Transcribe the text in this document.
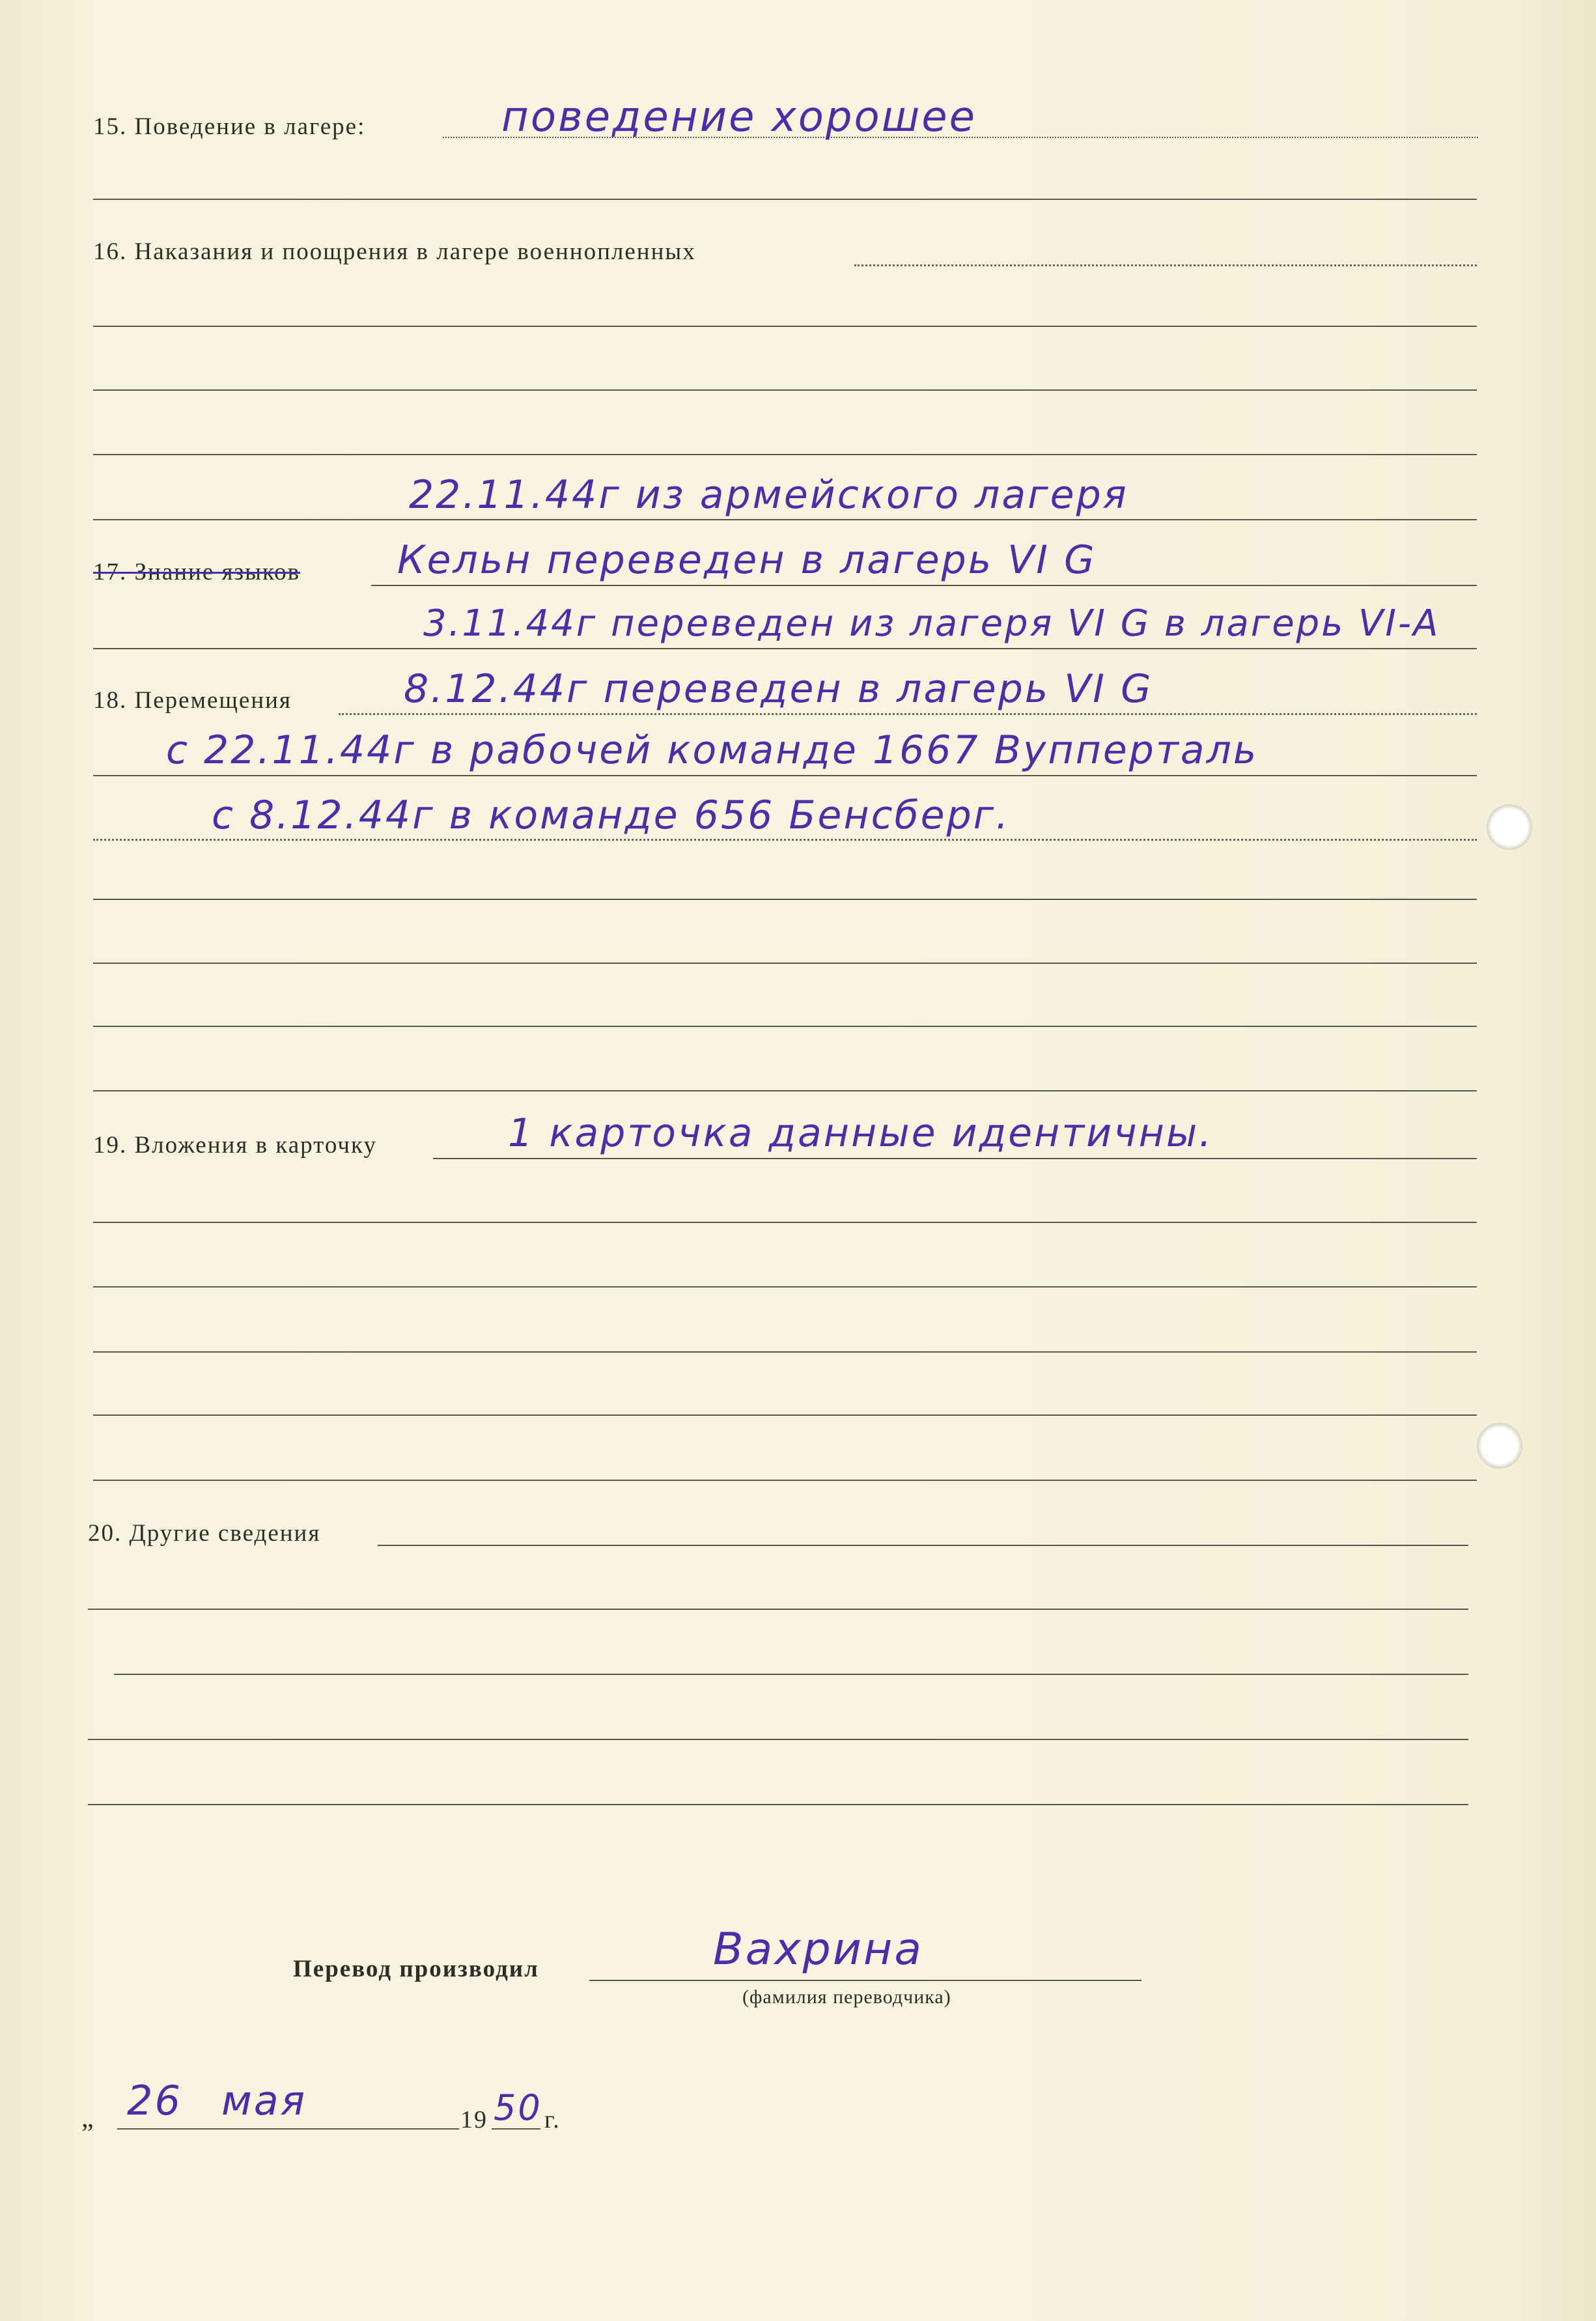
15. Поведение в лагере:	поведение хорошее
16. Наказания и поощрения в лагере военнопленных
22.11.44г из армейского лагеря
17. Знание языков Кельн переведен в лагерь VI G
3.11.44г переведен из лагеря VI G в лагерь VI-A
18. Перемещения	8.12.44г переведен в лагерь VI G
с 22.11.44г в рабочей команде 1667 Вупперталь
с 8.12.44г в команде 656 Бенсберг.
19. Вложения в карточку	1 карточка данные идентичны.
20. Другие сведения
Перевод производил	Вахрина
(фамилия переводчика)
„ 26 мая	19 50 г.
